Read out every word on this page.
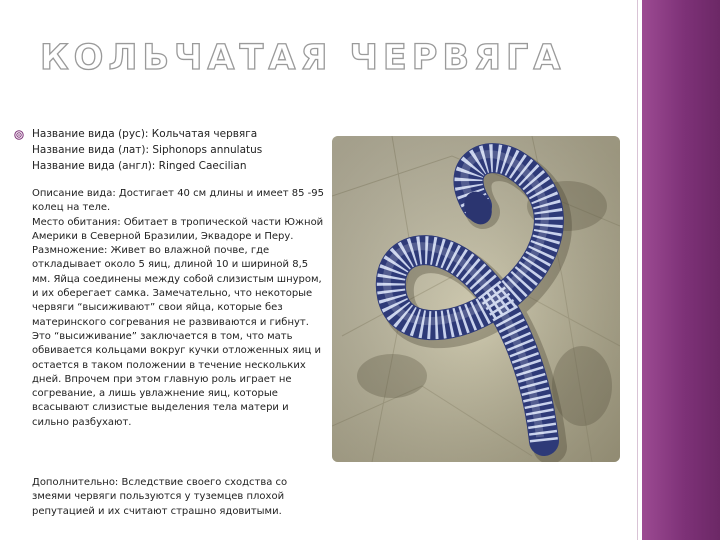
КОЛЬЧАТАЯ ЧЕРВЯГА
Название вида (рус): Кольчатая червяга
Название вида (лат): Siphonops annulatus
Название вида (англ): Ringed Caecilian

Описание вида: Достигает 40 см длины и имеет 85 -95 колец на теле.

Место обитания: Обитает в тропической части Южной Америки в Северной Бразилии, Эквадоре и Перу.

Размножение: Живет во влажной почве, где откладывает около 5 яиц, длиной 10 и шириной 8,5 мм. Яйца соединены между собой слизистым шнуром, и их оберегает самка. Замечательно, что некоторые червяги “высиживают” свои яйца, которые без материнского согревания не развиваются и гибнут. Это “высиживание” заключается в том, что мать обвивается кольцами вокруг кучки отложенных яиц и остается в таком положении в течение нескольких дней. Впрочем при этом главную роль играет не согревание, а лишь увлажнение яиц, которые всасывают слизистые выделения тела матери и сильно разбухают.

Дополнительно: Вследствие своего сходства со змеями червяги пользуются у туземцев плохой репутацией и их считают страшно ядовитыми.
